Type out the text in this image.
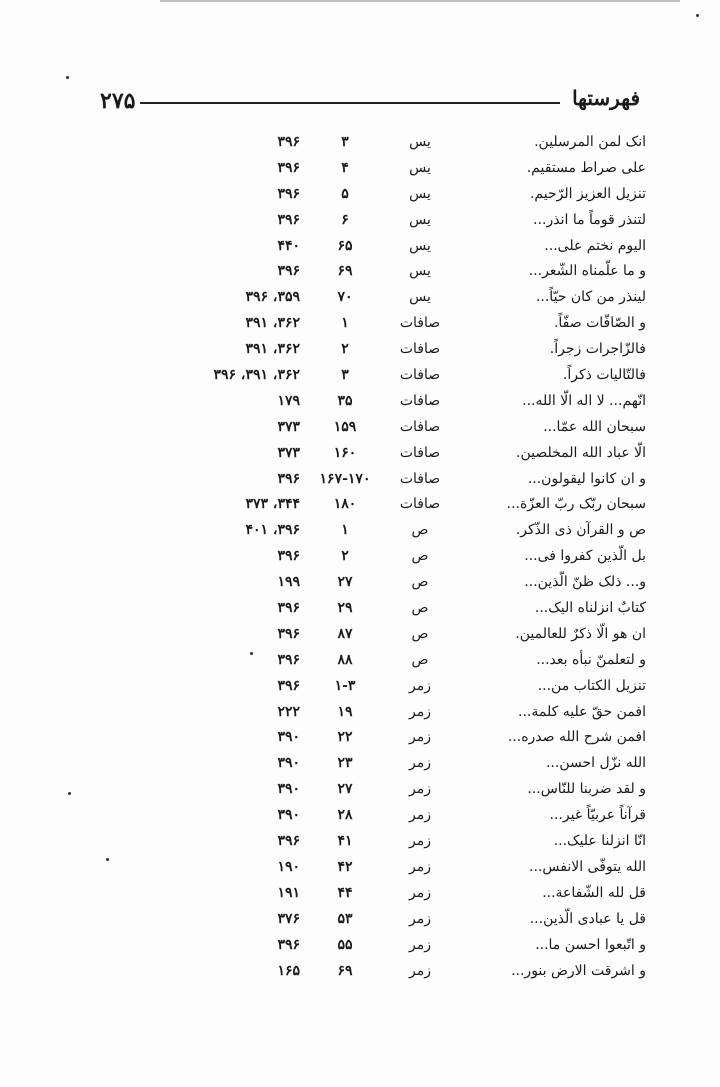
۲۷۵	فهرستها
انک لمن المرسلین.
یس
۳
۳۹۶
علی صراط مستقیم.
یس
۴
۳۹۶
تنزیل العزیز الرّحیم.
یس
۵
۳۹۶
لتنذر قوماً ما انذر...
یس
۶
۳۹۶
الیوم نختم علی...
یس
۶۵
۴۴۰
و ما علّمناه الشّعر...
یس
۶۹
۳۹۶
لینذر من کان حیّاً...
یس
۷۰
۳۵۹، ۳۹۶
و الصّافّات صفّاً.
صافات
۱
۳۶۲، ۳۹۱
فالزّاجرات زجراً.
صافات
۲
۳۶۲، ۳۹۱
فالتّالیات ذکراً.
صافات
۳
۳۶۲، ۳۹۱، ۳۹۶
انّهم... لا اله الّا الله...
صافات
۳۵
۱۷۹
سبحان الله عمّا...
صافات
۱۵۹
۳۷۳
الّا عباد الله المخلصین.
صافات
۱۶۰
۳۷۳
و ان کانوا لیقولون...
صافات
۱۶۷-۱۷۰
۳۹۶
سبحان ربّک ربّ العزّة...
صافات
۱۸۰
۳۴۴، ۳۷۳
ص و القرآن ذی الذّکر.
ص
۱
۳۹۶، ۴۰۱
بل الّذین کفروا فی...
ص
۲
۳۹۶
و... ذلک ظنّ الّذین...
ص
۲۷
۱۹۹
کتابٌ انزلناه الیک...
ص
۲۹
۳۹۶
ان هو الّا ذکرٌ للعالمین.
ص
۸۷
۳۹۶
و لتعلمنّ نبأه بعد...
ص
۸۸
۳۹۶
تنزیل الکتاب من...
زمر
۱-۳
۳۹۶
افمن حقّ علیه کلمة...
زمر
۱۹
۲۲۲
افمن شرح الله صدره...
زمر
۲۲
۳۹۰
الله نزّل احسن...
زمر
۲۳
۳۹۰
و لقد ضربنا للنّاس...
زمر
۲۷
۳۹۰
قرآناً عربیّاً غیر...
زمر
۲۸
۳۹۰
انّا انزلنا علیک...
زمر
۴۱
۳۹۶
الله یتوفّی الانفس...
زمر
۴۲
۱۹۰
قل لله الشّفاعة...
زمر
۴۴
۱۹۱
قل یا عبادی الّذین...
زمر
۵۳
۳۷۶
و اتّبعوا احسن ما...
زمر
۵۵
۳۹۶
و اشرقت الارض بنور...
زمر
۶۹
۱۶۵
